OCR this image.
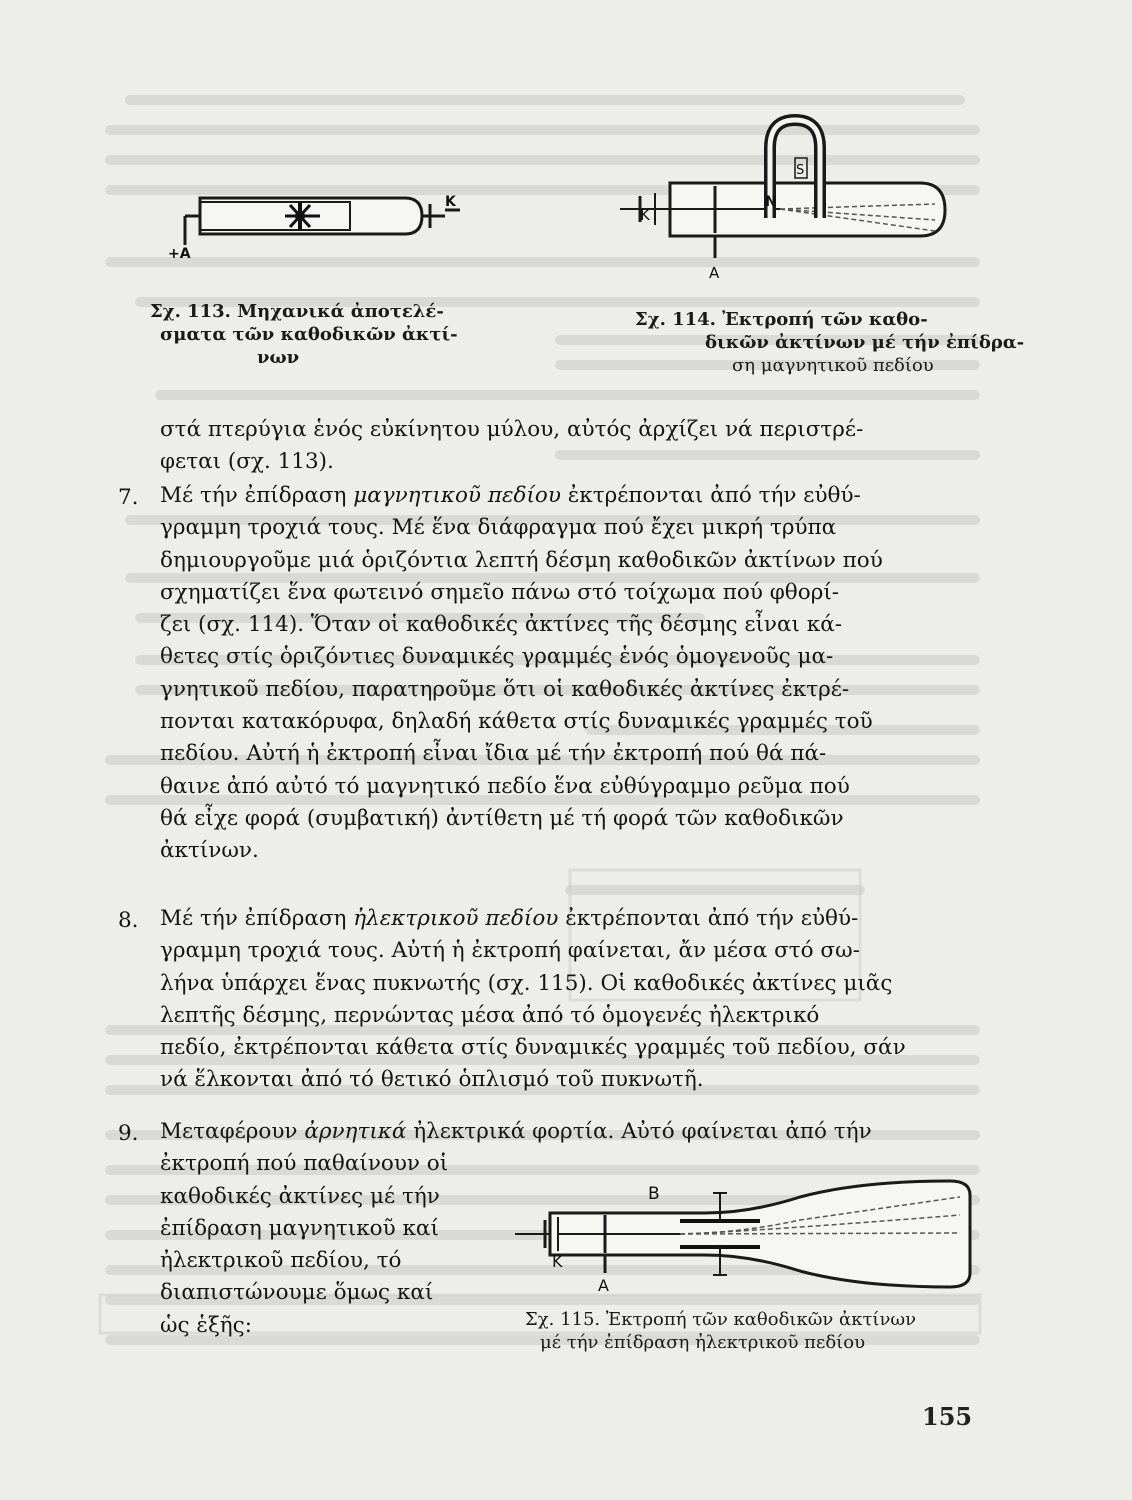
K
+A
Σχ. 113. Μηχανικά ἀποτελέ-
σματα τῶν καθοδικῶν ἀκτί-
νων
S
N
K
A
Σχ. 114. Ἐκτροπή τῶν καθο-
δικῶν ἀκτίνων μέ τήν ἐπίδρα-
ση μαγνητικοῦ πεδίου
στά πτερύγια ἑνός εὐκίνητου μύλου, αὐτός ἀρχίζει νά περιστρέ-
φεται (σχ. 113).
7. Μέ τήν ἐπίδραση μαγνητικοῦ πεδίου ἐκτρέπονται ἀπό τήν εὐθύ-
γραμμη τροχιά τους. Μέ ἕνα διάφραγμα πού ἔχει μικρή τρύπα
δημιουργοῦμε μιά ὁριζόντια λεπτή δέσμη καθοδικῶν ἀκτίνων πού
σχηματίζει ἕνα φωτεινό σημεῖο πάνω στό τοίχωμα πού φθορί-
ζει (σχ. 114). Ὅταν οἱ καθοδικές ἀκτίνες τῆς δέσμης εἶναι κά-
θετες στίς ὁριζόντιες δυναμικές γραμμές ἑνός ὁμογενοῦς μα-
γνητικοῦ πεδίου, παρατηροῦμε ὅτι οἱ καθοδικές ἀκτίνες ἐκτρέ-
πονται κατακόρυφα, δηλαδή κάθετα στίς δυναμικές γραμμές τοῦ
πεδίου. Αὐτή ἡ ἐκτροπή εἶναι ἴδια μέ τήν ἐκτροπή πού θά πά-
θαινε ἀπό αὐτό τό μαγνητικό πεδίο ἕνα εὐθύγραμμο ρεῦμα πού
θά εἶχε φορά (συμβατική) ἀντίθετη μέ τή φορά τῶν καθοδικῶν
ἀκτίνων.
8. Μέ τήν ἐπίδραση ἠλεκτρικοῦ πεδίου ἐκτρέπονται ἀπό τήν εὐθύ-
γραμμη τροχιά τους. Αὐτή ἡ ἐκτροπή φαίνεται, ἄν μέσα στό σω-
λήνα ὑπάρχει ἕνας πυκνωτής (σχ. 115). Οἱ καθοδικές ἀκτίνες μιᾶς
λεπτῆς δέσμης, περνώντας μέσα ἀπό τό ὁμογενές ἠλεκτρικό
πεδίο, ἐκτρέπονται κάθετα στίς δυναμικές γραμμές τοῦ πεδίου, σάν
νά ἕλκονται ἀπό τό θετικό ὁπλισμό τοῦ πυκνωτῆ.
9. Μεταφέρουν ἀρνητικά ἠλεκτρικά φορτία. Αὐτό φαίνεται ἀπό τήν
ἐκτροπή πού παθαίνουν οἱ
καθοδικές ἀκτίνες μέ τήν
ἐπίδραση μαγνητικοῦ καί
ἠλεκτρικοῦ πεδίου, τό
διαπιστώνουμε ὅμως καί
ὡς ἑξῆς:
B
K
A
Σχ. 115. Ἐκτροπή τῶν καθοδικῶν ἀκτίνων
μέ τήν ἐπίδραση ἠλεκτρικοῦ πεδίου
155
